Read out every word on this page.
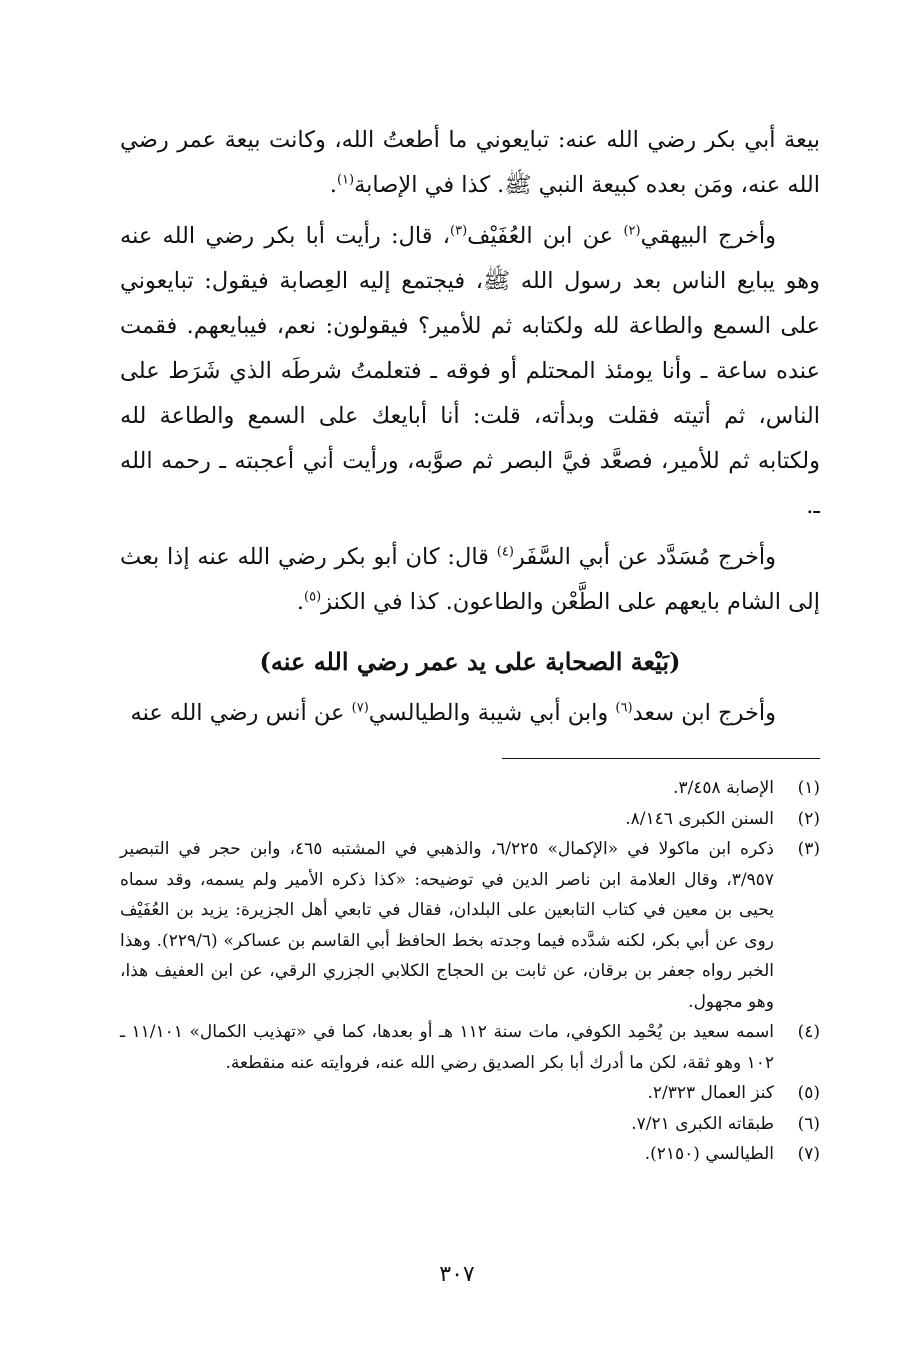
بيعة أبي بكر رضي الله عنه: تبايعوني ما أطعتُ الله، وكانت بيعة عمر رضي الله عنه، ومَن بعده كبيعة النبي ﷺ. كذا في الإصابة$^{(١)}$.

وأخرج البيهقي$^{(٢)}$ عن ابن العُفَيْف$^{(٣)}$، قال: رأيت أبا بكر رضي الله عنه وهو يبايع الناس بعد رسول الله ﷺ، فيجتمع إليه العِصابة فيقول: تبايعوني على السمع والطاعة لله ولكتابه ثم للأمير؟ فيقولون: نعم، فيبايعهم. فقمت عنده ساعة ـ وأنا يومئذ المحتلم أو فوقه ـ فتعلمتُ شرطَه الذي شَرَط على الناس، ثم أتيته فقلت وبدأته، قلت: أنا أبايعك على السمع والطاعة لله ولكتابه ثم للأمير، فصعَّد فيَّ البصر ثم صوَّبه، ورأيت أني أعجبته ـ رحمه الله ـ.

وأخرج مُسَدَّد عن أبي السَّفَر$^{(٤)}$ قال: كان أبو بكر رضي الله عنه إذا بعث إلى الشام بايعهم على الطَّعْن والطاعون. كذا في الكنز$^{(٥)}$.

(بَيْعة الصحابة على يد عمر رضي الله عنه)

وأخرج ابن سعد$^{(٦)}$ وابن أبي شيبة والطيالسي$^{(٧)}$ عن أنس رضي الله عنه

(١)
الإصابة ٣/٤٥٨.
(٢)
السنن الكبرى ٨/١٤٦.
(٣)
ذكره ابن ماكولا في «الإكمال» ٦/٢٢٥، والذهبي في المشتبه ٤٦٥، وابن حجر في التبصير ٣/٩٥٧، وقال العلامة ابن ناصر الدين في توضيحه: «كذا ذكره الأمير ولم يسمه، وقد سماه يحيى بن معين في كتاب التابعين على البلدان، فقال في تابعي أهل الجزيرة: يزيد بن العُفَيْف روى عن أبي بكر، لكنه شدَّده فيما وجدته بخط الحافظ أبي القاسم بن عساكر» (٢٢٩/٦). وهذا الخبر رواه جعفر بن برقان، عن ثابت بن الحجاج الكلابي الجزري الرقي، عن ابن العفيف هذا، وهو مجهول.
(٤)
اسمه سعيد بن يُحْمِد الكوفي، مات سنة ١١٢ هـ أو بعدها، كما في «تهذيب الكمال» ١١/١٠١ ـ ١٠٢ وهو ثقة، لكن ما أدرك أبا بكر الصديق رضي الله عنه، فروايته عنه منقطعة.
(٥)
كنز العمال ٢/٣٢٣.
(٦)
طبقاته الكبرى ٧/٢١.
(٧)
الطيالسي (٢١٥٠).
٣٠٧
